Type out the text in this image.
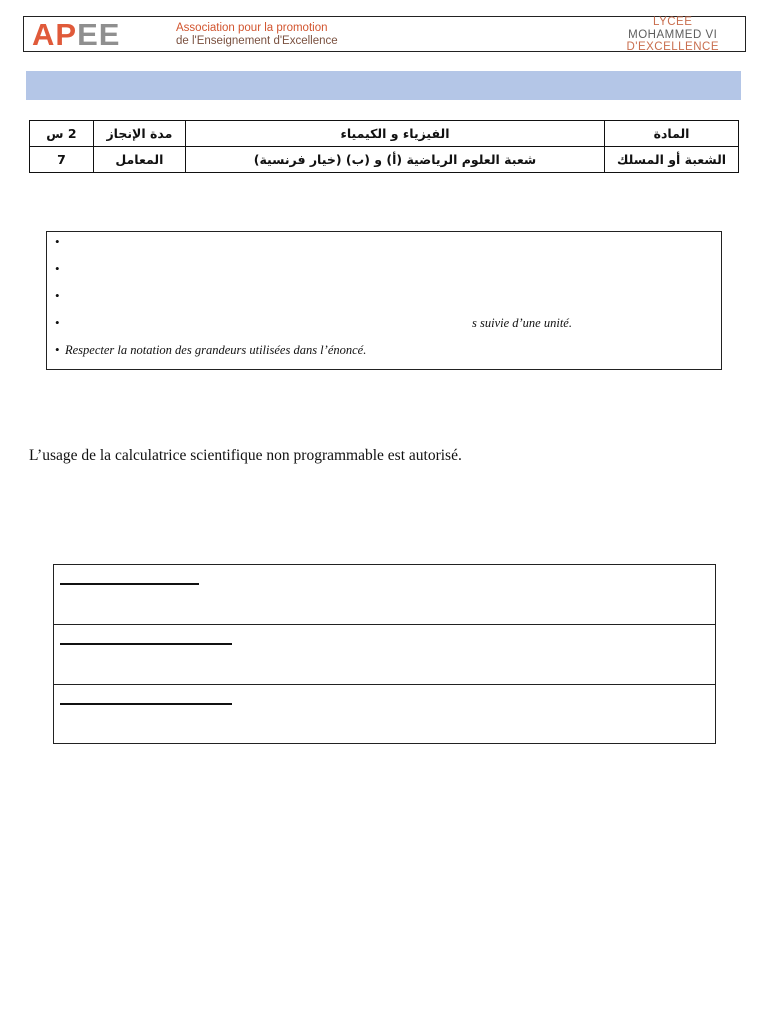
APEE	Association pour la promotion
de l'Enseignement d'Excellence
LYCEE
MOHAMMED VI
D'EXCELLENCE
2 س	مدة الإنجاز	الفيزياء و الكيمياء	المادة
7	المعامل	شعبة العلوم الرياضية (أ) و (ب) (خيار فرنسية)	الشعبة أو المسلك
•
•
•
•	s suivie d’une unité.
• Respecter la notation des grandeurs utilisées dans l’énoncé.
L’usage de la calculatrice scientifique non programmable est autorisé.
